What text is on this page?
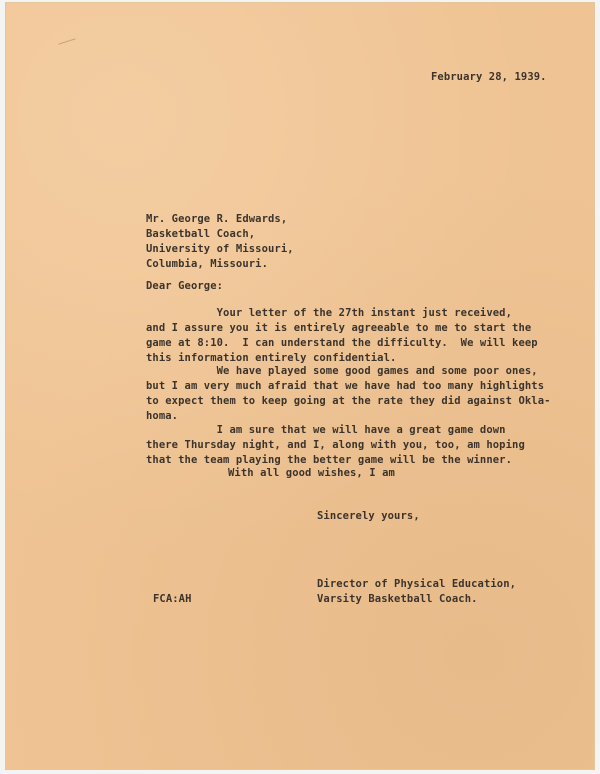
February 28, 1939.
Mr. George R. Edwards,
Basketball Coach,
University of Missouri,
Columbia, Missouri.
Dear George:
Your letter of the 27th instant just received,
and I assure you it is entirely agreeable to me to start the
game at 8:10.  I can understand the difficulty.  We will keep
this information entirely confidential.
We have played some good games and some poor ones,
but I am very much afraid that we have had too many highlights
to expect them to keep going at the rate they did against Okla-
homa.
I am sure that we will have a great game down
there Thursday night, and I, along with you, too, am hoping
that the team playing the better game will be the winner.
With all good wishes, I am
Sincerely yours,
Director of Physical Education,
Varsity Basketball Coach.
FCA:AH
